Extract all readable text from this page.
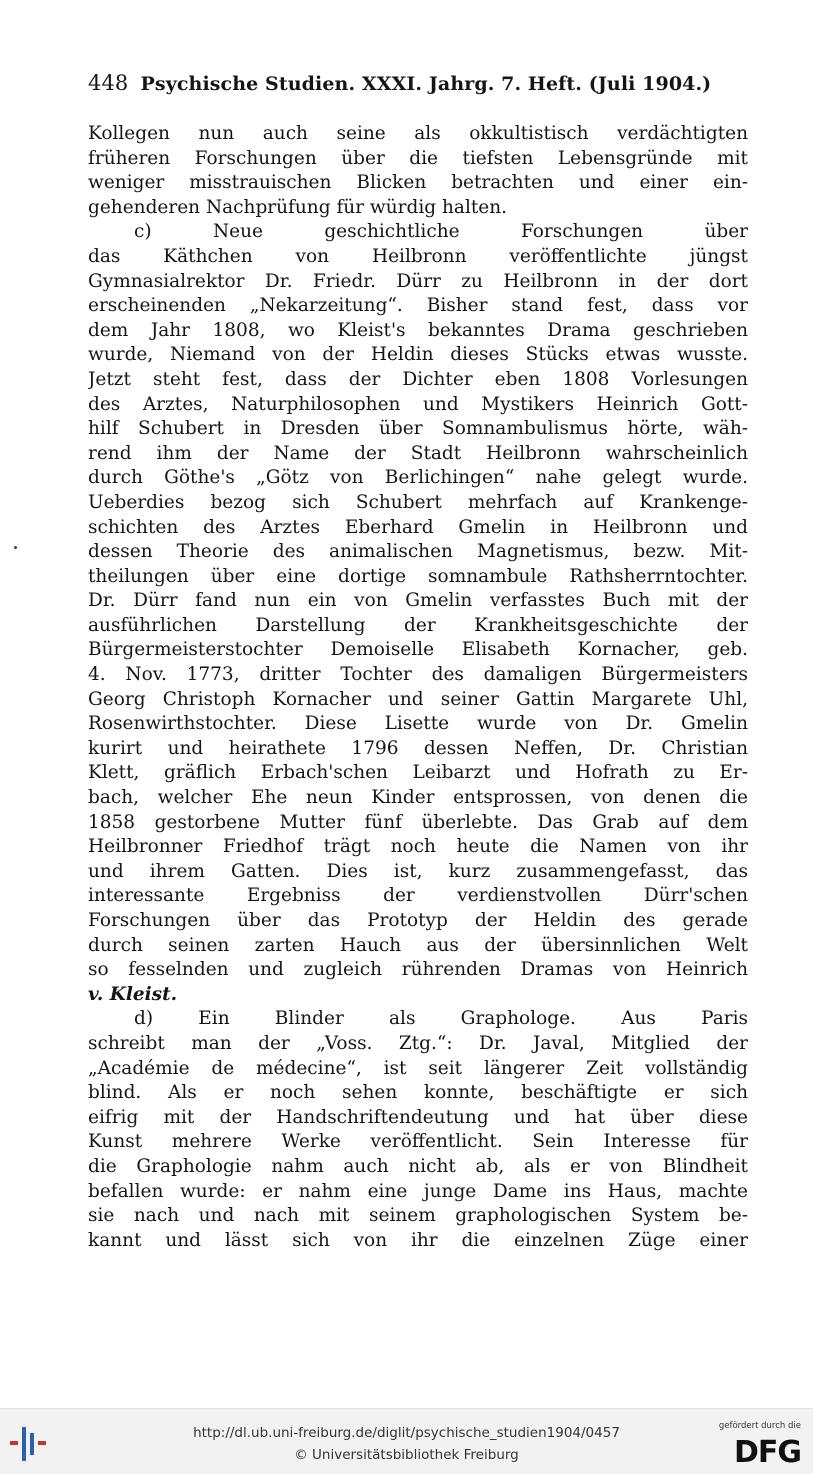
448 Psychische Studien. XXXI. Jahrg. 7. Heft. (Juli 1904.)
Kollegen nun auch seine als okkultistisch verdächtigten
früheren Forschungen über die tiefsten Lebensgründe mit
weniger misstrauischen Blicken betrachten und einer ein-
gehenderen Nachprüfung für würdig halten.
c) Neue geschichtliche Forschungen über
das Käthchen von Heilbronn veröffentlichte jüngst
Gymnasialrektor Dr. Friedr. Dürr zu Heilbronn in der dort
erscheinenden „Nekarzeitung“. Bisher stand fest, dass vor
dem Jahr 1808, wo Kleist's bekanntes Drama geschrieben
wurde, Niemand von der Heldin dieses Stücks etwas wusste.
Jetzt steht fest, dass der Dichter eben 1808 Vorlesungen
des Arztes, Naturphilosophen und Mystikers Heinrich Gott-
hilf Schubert in Dresden über Somnambulismus hörte, wäh-
rend ihm der Name der Stadt Heilbronn wahrscheinlich
durch Göthe's „Götz von Berlichingen“ nahe gelegt wurde.
Ueberdies bezog sich Schubert mehrfach auf Krankenge-
schichten des Arztes Eberhard Gmelin in Heilbronn und
dessen Theorie des animalischen Magnetismus, bezw. Mit-
theilungen über eine dortige somnambule Rathsherrntochter.
Dr. Dürr fand nun ein von Gmelin verfasstes Buch mit der
ausführlichen Darstellung der Krankheitsgeschichte der
Bürgermeisterstochter Demoiselle Elisabeth Kornacher, geb.
4. Nov. 1773, dritter Tochter des damaligen Bürgermeisters
Georg Christoph Kornacher und seiner Gattin Margarete Uhl,
Rosenwirthstochter. Diese Lisette wurde von Dr. Gmelin
kurirt und heirathete 1796 dessen Neffen, Dr. Christian
Klett, gräflich Erbach'schen Leibarzt und Hofrath zu Er-
bach, welcher Ehe neun Kinder entsprossen, von denen die
1858 gestorbene Mutter fünf überlebte. Das Grab auf dem
Heilbronner Friedhof trägt noch heute die Namen von ihr
und ihrem Gatten. Dies ist, kurz zusammengefasst, das
interessante Ergebniss der verdienstvollen Dürr'schen
Forschungen über das Prototyp der Heldin des gerade
durch seinen zarten Hauch aus der übersinnlichen Welt
so fesselnden und zugleich rührenden Dramas von Heinrich
v. Kleist.
d) Ein Blinder als Graphologe. Aus Paris
schreibt man der „Voss. Ztg.“: Dr. Javal, Mitglied der
„Académie de médecine“, ist seit längerer Zeit vollständig
blind. Als er noch sehen konnte, beschäftigte er sich
eifrig mit der Handschriftendeutung und hat über diese
Kunst mehrere Werke veröffentlicht. Sein Interesse für
die Graphologie nahm auch nicht ab, als er von Blindheit
befallen wurde: er nahm eine junge Dame ins Haus, machte
sie nach und nach mit seinem graphologischen System be-
kannt und lässt sich von ihr die einzelnen Züge einer
http://dl.ub.uni-freiburg.de/diglit/psychische_studien1904/0457
© Universitätsbibliothek Freiburg
gefördert durch die
DFG
